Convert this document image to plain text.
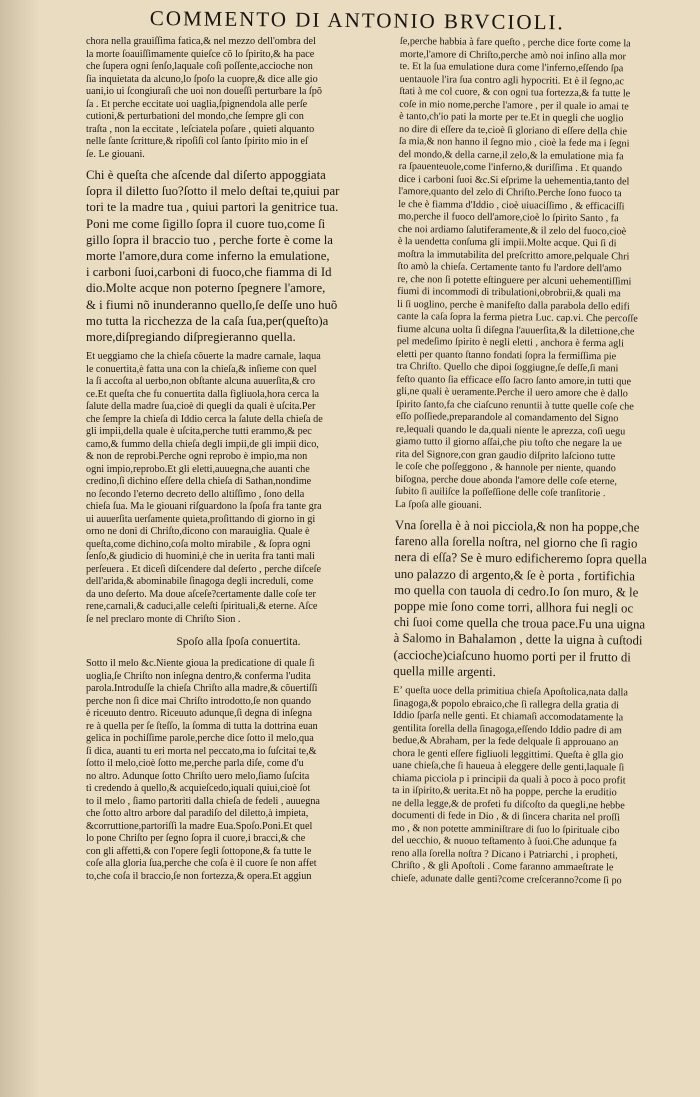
COMMENTO DI ANTONIO BRVCIOLI.

chora nella grauiſſima fatica,& nel mezzo dell'ombra del
la morte ſoauiſſimamente quieſce cõ lo ſpirito,& ha pace
che ſupera ogni ſenſo,laquale coſi poſſente,accioche non
ſia inquietata da alcuno,lo ſpoſo la cuopre,& dice alle gio
uani,io ui ſcongiuraſi che uoi non doueſſi perturbare la ſpõ
ſa . Et perche eccitate uoi uaglia,ſpignendola alle perſe
cutioni,& perturbationi del mondo,che ſempre gli con
traſta , non la eccitate , leſciatela poſare , quieti alquanto
nelle ſante ſcritture,& ripoſiſi col ſanto ſpirito mio in eſ
ſe. Le giouani.

Chi è queſta che aſcende dal diſerto appoggiata
ſopra il diletto ſuo?ſotto il melo deſtai te,quiui par
tori te la madre tua , quiui partori la genitrice tua.
Poni me come ſigillo ſopra il cuore tuo,come ſi
gillo ſopra il braccio tuo , perche forte è come la
morte l'amore,dura come inferno la emulatione,
i carboni ſuoi,carboni di fuoco,che fiamma di Id
dio.Molte acque non poterno ſpegnere l'amore,
& i fiumi nõ inunderanno quello,ſe deſſe uno huõ
mo tutta la ricchezza de la caſa ſua,per(queſto)a
more,diſpregiando diſpregieranno quella.

Et ueggiamo che la chieſa cõuerte la madre carnale, laqua
le conuertita,è fatta una con la chieſa,& inſieme con quel
la ſi accoſta al uerbo,non obſtante alcuna auuerſita,& cro
ce.Et queſta che fu conuertita dalla figliuola,hora cerca la
ſalute della madre ſua,cioè di quegli da quali è uſcita.Per
che ſempre la chieſa di Iddio cerca la ſalute della chieſa de
gli impii,della quale è uſcita,perche tutti erammo,& pec
camo,& fummo della chieſa degli impii,de gli impii dico,
& non de reprobi.Perche ogni reprobo è impio,ma non
ogni impio,reprobo.Et gli eletti,auuegna,che auanti che
credino,ſi dichino eſſere della chieſa di Sathan,nondime
no ſecondo l'eterno decreto dello altiſſimo , ſono della
chieſa ſua. Ma le giouani riſguardono la ſpoſa fra tante gra
ui auuerſita uerſamente quieta,proſittando di giorno in gi
orno ne doni di Chriſto,dicono con marauiglia. Quale è
queſta,come dichino,coſa molto mirabile , & ſopra ogni
ſenſo,& giudicio di huomini,è che in uerita fra tanti mali
perſeuera . Et diceſi diſcendere dal deſerto , perche diſceſe
dell'arida,& abominabile ſinagoga degli increduli, come
da uno deſerto. Ma doue aſceſe?certamente dalle coſe ter
rene,carnali,& caduci,alle celeſti ſpirituali,& eterne. Aſce
ſe nel preclaro monte di Chriſto Sion .

Spoſo alla ſpoſa conuertita.

Sotto il melo &c.Niente gioua la predicatione di quale ſi
uoglia,ſe Chriſto non inſegna dentro,& conferma l'udita
parola.Introduſſe la chieſa Chriſto alla madre,& cõuertiſſi
perche non ſi dice mai Chriſto introdotto,ſe non quando
è riceuuto dentro. Riceuuto adunque,ſi degna di inſegna
re à quella per ſe ſteſſo, la ſomma di tutta la dottrina euan
gelica in pochiſſime parole,perche dice ſotto il melo,qua
ſi dica, auanti tu eri morta nel peccato,ma io ſuſcitai te,&
ſotto il melo,cioè ſotto me,perche parla diſe, come d'u
no altro. Adunque ſotto Chriſto uero melo,ſiamo ſuſcita
ti credendo à quello,& acquieſcedo,iquali quiui,cioè ſot
to il melo , ſiamo partoriti dalla chieſa de fedeli , auuegna
che ſotto altro arbore dal paradiſo del diletto,à impieta,
&corruttione,partoriſſi la madre Eua.Spoſo.Poni.Et quel
lo pone Chriſto per ſegno ſopra il cuore,i bracci,& che
con gli affetti,& con l'opere ſegli ſottopone,& fa tutte le
coſe alla gloria ſua,perche che coſa è il cuore ſe non affet
to,che coſa il braccio,ſe non fortezza,& opera.Et aggiun

ſe,perche habbia à fare queſto , perche dice forte come la
morte,l'amore di Chriſto,perche amò noi inſino alla mor
te. Et la ſua emulatione dura come l'inferno,eſſendo ſpa
uentauole l'ira ſua contro agli hypocriti. Et è il ſegno,ac
ſtati à me col cuore, & con ogni tua fortezza,& fa tutte le
coſe in mio nome,perche l'amore , per il quale io amai te
è tanto,ch'io pati la morte per te.Et in quegli che uoglio
no dire di eſſere da te,cioè ſi gloriano di eſſere della chie
ſa mia,& non hanno il ſegno mio , cioè la fede ma i ſegni
del mondo,& della carne,il zelo,& la emulatione mia fa
ra ſpauenteuole,come l'inferno,& duriſſima . Et quando
dice i carboni ſuoi &c.Si eſprime la uehementia,tanto del
l'amore,quanto del zelo di Chriſto.Perche ſono fuoco ta
le che è fiamma d'Iddio , cioè uiuaciſſimo , & efficaciſſi
mo,perche il fuoco dell'amore,cioè lo ſpirito Santo , fa
che noi ardiamo ſalutiferamente,& il zelo del fuoco,cioè
è la uendetta conſuma gli impii.Molte acque. Qui ſi di
moſtra la immutabilita del preſcritto amore,pelquale Chri
ſto amò la chieſa. Certamente tanto fu l'ardore dell'amo
re, che non ſi potette eſtinguere per alcuni uehementiſſimi
fiumi di incommodi di tribulationi,obrobrii,& quali ma
li ſi uoglino, perche è manifeſto dalla parabola dello edifi
cante la caſa ſopra la ferma pietra Luc. cap.vi. Che percoſſe
fiume alcuna uolta ſi diſegna l'auuerſita,& la dilettione,che
pel medeſimo ſpirito è negli eletti , anchora è ferma agli
eletti per quanto ſtanno fondati ſopra la fermiſſima pie
tra Chriſto. Quello che dipoi ſoggiugne,ſe deſſe,ſi mani
feſto quanto ſia efficace eſſo ſacro ſanto amore,in tutti que
gli,ne quali è ueramente.Perche il uero amore che è dallo
ſpirito ſanto,fa che ciaſcuno renuntii à tutte quelle coſe che
eſſo poſſiede,preparandole al comandamento del Signo
re,lequali quando le da,quali niente le aprezza, coſi uegu
giamo tutto il giorno aſſai,che piu toſto che negare la ue
rita del Signore,con gran gaudio diſprito laſciono tutte
le coſe che poſſeggono , & hannole per niente, quando
biſogna, perche doue abonda l'amore delle coſe eterne,
ſubito ſi auiliſce la poſſeſſione delle coſe tranſitorie .
La ſpoſa alle giouani.

Vna ſorella è à noi picciola,& non ha poppe,che
fareno alla ſorella noſtra, nel giorno che ſi ragio
nera di eſſa? Se è muro edificheremo ſopra quella
uno palazzo di argento,& ſe è porta , fortifichia
mo quella con tauola di cedro.Io ſon muro, & le
poppe mie ſono come torri, allhora fui negli oc
chi ſuoi come quella che troua pace.Fu una uigna
à Salomo in Bahalamon , dette la uigna à cuſtodi
(accioche)ciaſcuno huomo porti per il frutto di
quella mille argenti.

Eʼ queſta uoce della primitiua chieſa Apoſtolica,nata dalla
ſinagoga,& popolo ebraico,che ſi rallegra della gratia di
Iddio ſparſa nelle genti. Et chiamaſi accomodatamente la
gentilita ſorella della ſinagoga,eſſendo Iddio padre di am
bedue,& Abraham, per la fede delquale ſi approuano an
chora le genti eſſere figliuoli leggittimi. Queſta è glla gio
uane chieſa,che ſi haueua à eleggere delle genti,laquale ſi
chiama picciola p i principii da quali à poco à poco profit
ta in iſpirito,& uerita.Et nõ ha poppe, perche la eruditio
ne della legge,& de profeti fu diſcoſto da quegli,ne hebbe
documenti di fede in Dio , & di ſincera charita nel proſſi
mo , & non potette amminiſtrare di ſuo lo ſpirituale cibo
del uecchio, & nuouo teſtamento à ſuoi.Che adunque fa
reno alla ſorella noſtra ? Dicano i Patriarchi , i propheti,
Chriſto , & gli Apoſtoli . Come faranno ammaeſtrate le
chieſe, adunate dalle genti?come creſceranno?come ſi po
